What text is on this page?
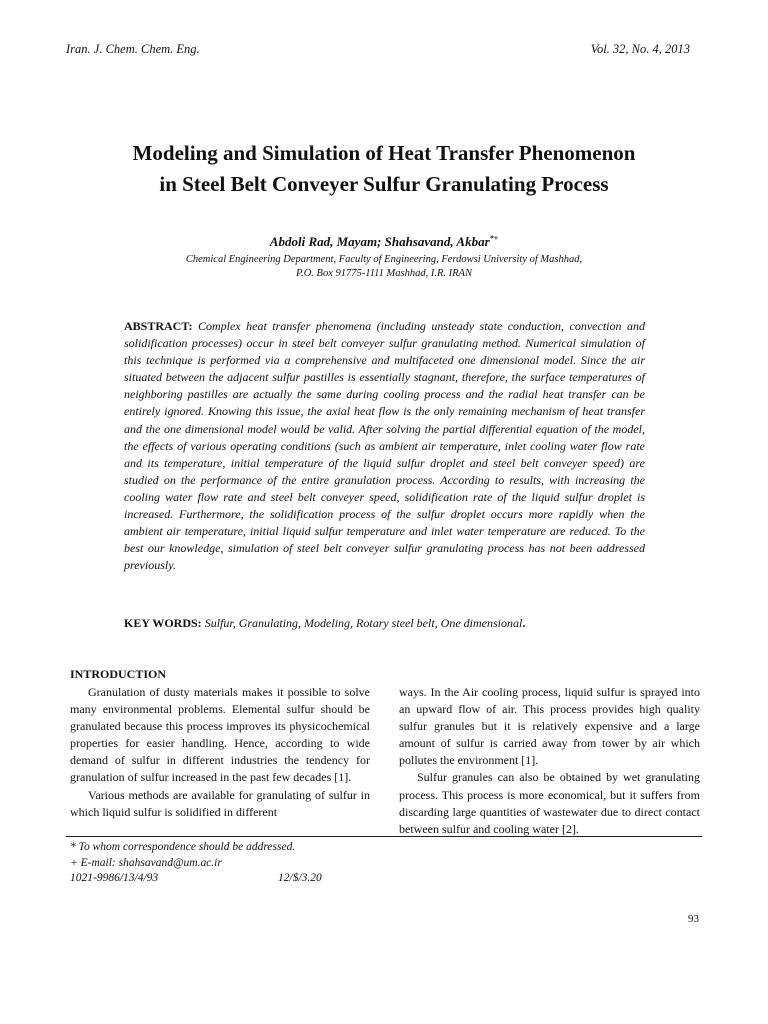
Iran. J. Chem. Chem. Eng.	Vol. 32, No. 4, 2013
Modeling and Simulation of Heat Transfer Phenomenon
in Steel Belt Conveyer Sulfur Granulating Process
Abdoli Rad, Mayam; Shahsavand, Akbar*+
Chemical Engineering Department, Faculty of Engineering, Ferdowsi University of Mashhad,
P.O. Box 91775-1111 Mashhad, I.R. IRAN
ABSTRACT: Complex heat transfer phenomena (including unsteady state conduction, convection and solidification processes) occur in steel belt conveyer sulfur granulating method. Numerical simulation of this technique is performed via a comprehensive and multifaceted one dimensional model. Since the air situated between the adjacent sulfur pastilles is essentially stagnant, therefore, the surface temperatures of neighboring pastilles are actually the same during cooling process and the radial heat transfer can be entirely ignored. Knowing this issue, the axial heat flow is the only remaining mechanism of heat transfer and the one dimensional model would be valid. After solving the partial differential equation of the model, the effects of various operating conditions (such as ambient air temperature, inlet cooling water flow rate and its temperature, initial temperature of the liquid sulfur droplet and steel belt conveyer speed) are studied on the performance of the entire granulation process. According to results, with increasing the cooling water flow rate and steel belt conveyer speed, solidification rate of the liquid sulfur droplet is increased. Furthermore, the solidification process of the sulfur droplet occurs more rapidly when the ambient air temperature, initial liquid sulfur temperature and inlet water temperature are reduced. To the best our knowledge, simulation of steel belt conveyer sulfur granulating process has not been addressed previously.
KEY WORDS: Sulfur, Granulating, Modeling, Rotary steel belt, One dimensional.
INTRODUCTION

Granulation of dusty materials makes it possible to solve many environmental problems. Elemental sulfur should be granulated because this process improves its physicochemical properties for easier handling. Hence, according to wide demand of sulfur in different industries the tendency for granulation of sulfur increased in the past few decades [1].

Various methods are available for granulating of sulfur in which liquid sulfur is solidified in different

ways. In the Air cooling process, liquid sulfur is sprayed into an upward flow of air. This process provides high quality sulfur granules but it is relatively expensive and a large amount of sulfur is carried away from tower by air which pollutes the environment [1].

Sulfur granules can also be obtained by wet granulating process. This process is more economical, but it suffers from discarding large quantities of wastewater due to direct contact between sulfur and cooling water [2].

* To whom correspondence should be addressed.
+ E-mail: shahsavand@um.ac.ir
1021-9986/13/4/93	12/$/3.20
93
